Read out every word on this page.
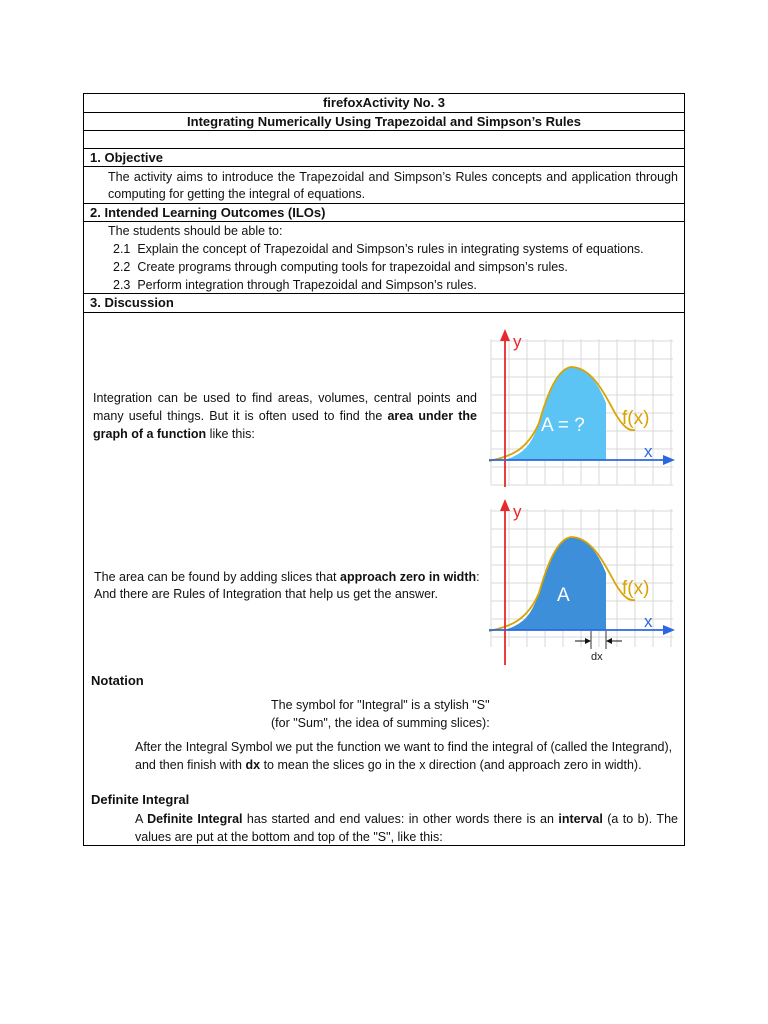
firefoxActivity No. 3
Integrating Numerically Using Trapezoidal and Simpson’s Rules
1. Objective
The activity aims to introduce the Trapezoidal and Simpson’s Rules concepts and application through computing for getting the integral of equations.
2. Intended Learning Outcomes (ILOs)
The students should be able to:
2.1 Explain the concept of Trapezoidal and Simpson’s rules in integrating systems of equations.
2.2 Create programs through computing tools for trapezoidal and simpson’s rules.
2.3 Perform integration through Trapezoidal and Simpson’s rules.
3. Discussion
Integration can be used to find areas, volumes, central points and many useful things. But it is often used to find the area under the graph of a function like this:
The area can be found by adding slices that approach zero in width:
And there are Rules of Integration that help us get the answer.
y
x
A = ? f(x)
y
x
A	f(x)
dx
Notation
The symbol for "Integral" is a stylish "S"
(for "Sum", the idea of summing slices):
After the Integral Symbol we put the function we want to find the integral of (called the Integrand), and then finish with dx to mean the slices go in the x direction (and approach zero in width).
Definite Integral
A Definite Integral has started and end values: in other words there is an interval (a to b). The values are put at the bottom and top of the "S", like this:
